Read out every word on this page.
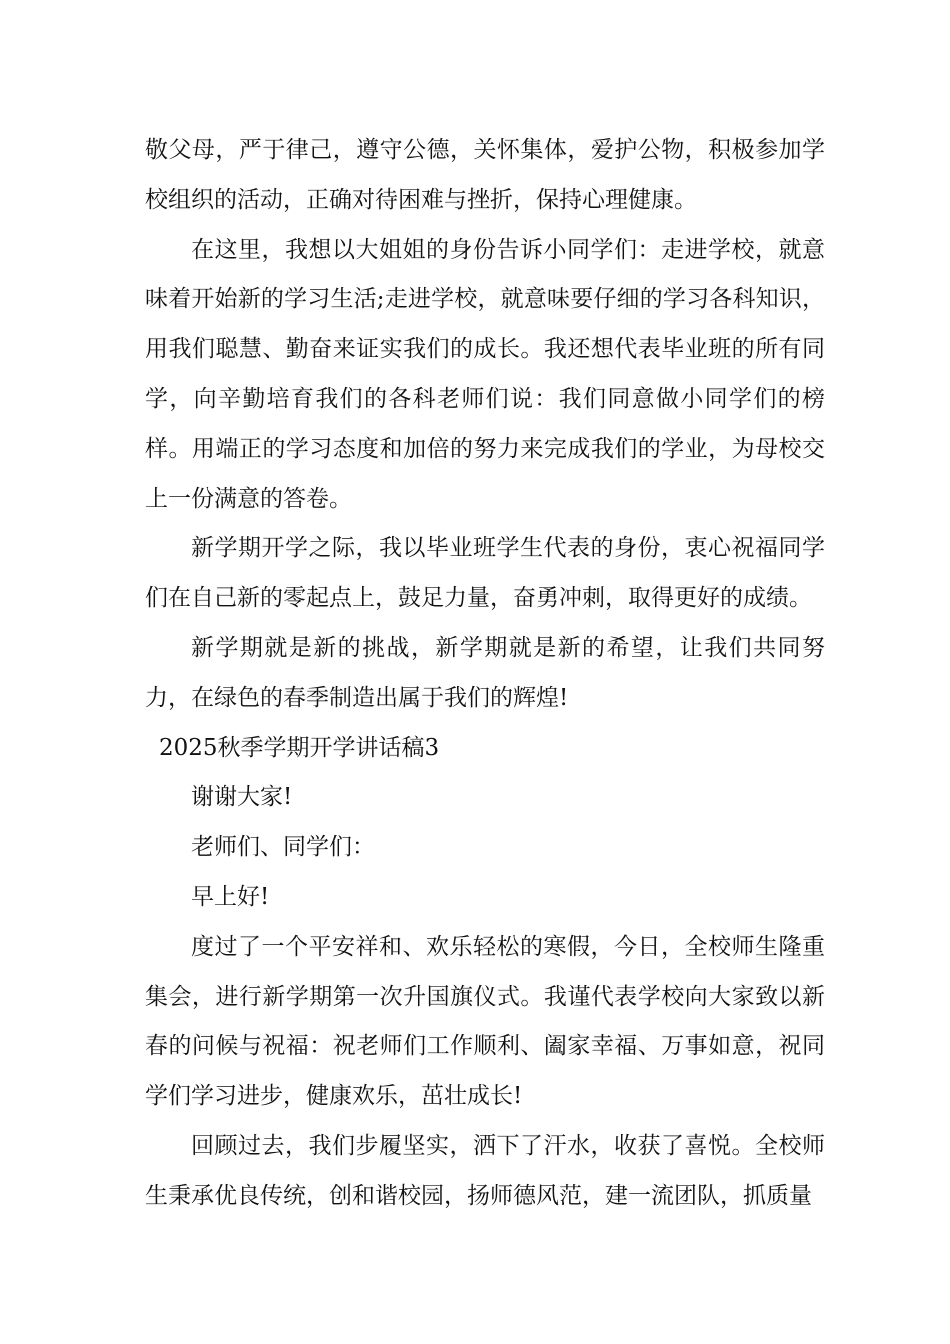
敬父母，严于律己，遵守公德，关怀集体，爱护公物，积极参加学校组织的活动，正确对待困难与挫折，保持心理健康。

在这里，我想以大姐姐的身份告诉小同学们：走进学校，就意味着开始新的学习生活;走进学校，就意味要仔细的学习各科知识，用我们聪慧、勤奋来证实我们的成长。我还想代表毕业班的所有同学，向辛勤培育我们的各科老师们说：我们同意做小同学们的榜样。用端正的学习态度和加倍的努力来完成我们的学业，为母校交上一份满意的答卷。

新学期开学之际，我以毕业班学生代表的身份，衷心祝福同学们在自己新的零起点上，鼓足力量，奋勇冲刺，取得更好的成绩。

新学期就是新的挑战，新学期就是新的希望，让我们共同努力，在绿色的春季制造出属于我们的辉煌!

2025秋季学期开学讲话稿3

谢谢大家!

老师们、同学们：

早上好!

度过了一个平安祥和、欢乐轻松的寒假，今日，全校师生隆重集会，进行新学期第一次升国旗仪式。我谨代表学校向大家致以新春的问候与祝福：祝老师们工作顺利、阖家幸福、万事如意，祝同学们学习进步，健康欢乐，茁壮成长!

回顾过去，我们步履坚实，洒下了汗水，收获了喜悦。全校师生秉承优良传统，创和谐校园，扬师德风范，建一流团队，抓质量
